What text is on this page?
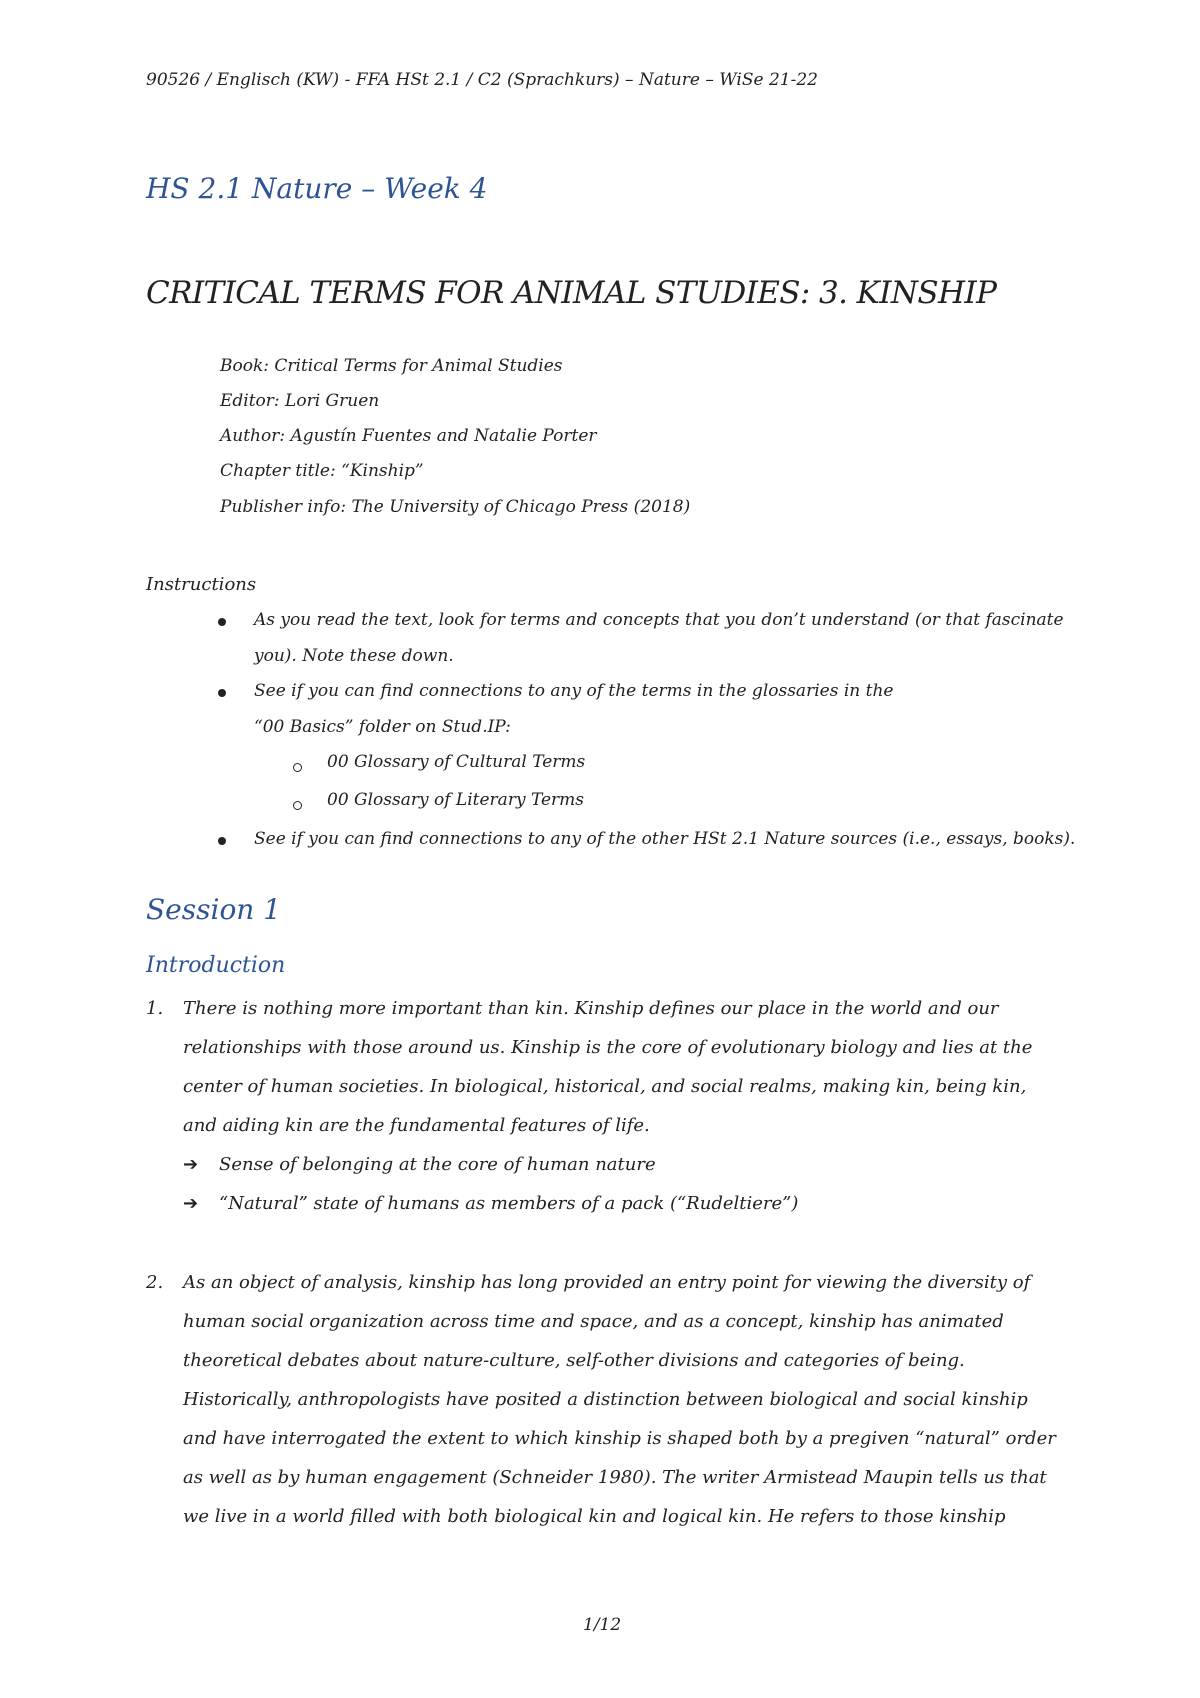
90526 / Englisch (KW) - FFA HSt 2.1 / C2 (Sprachkurs) – Nature – WiSe 21-22
HS 2.1 Nature – Week 4
CRITICAL TERMS FOR ANIMAL STUDIES: 3. KINSHIP
Book: Critical Terms for Animal Studies
Editor: Lori Gruen
Author: Agustín Fuentes and Natalie Porter
Chapter title: “Kinship”
Publisher info: The University of Chicago Press (2018)
Instructions
As you read the text, look for terms and concepts that you don’t understand (or that fascinate
you). Note these down.
See if you can find connections to any of the terms in the glossaries in the
“00 Basics” folder on Stud.IP:
00 Glossary of Cultural Terms
00 Glossary of Literary Terms
See if you can find connections to any of the other HSt 2.1 Nature sources (i.e., essays, books).
Session 1
Introduction
1. There is nothing more important than kin. Kinship defines our place in the world and our
relationships with those around us. Kinship is the core of evolutionary biology and lies at the
center of human societies. In biological, historical, and social realms, making kin, being kin,
and aiding kin are the fundamental features of life.
➔ Sense of belonging at the core of human nature
➔ “Natural” state of humans as members of a pack (“Rudeltiere”)
2. As an object of analysis, kinship has long provided an entry point for viewing the diversity of
human social organization across time and space, and as a concept, kinship has animated
theoretical debates about nature-culture, self-other divisions and categories of being.
Historically, anthropologists have posited a distinction between biological and social kinship
and have interrogated the extent to which kinship is shaped both by a pregiven “natural” order
as well as by human engagement (Schneider 1980). The writer Armistead Maupin tells us that
we live in a world filled with both biological kin and logical kin. He refers to those kinship
1/12
